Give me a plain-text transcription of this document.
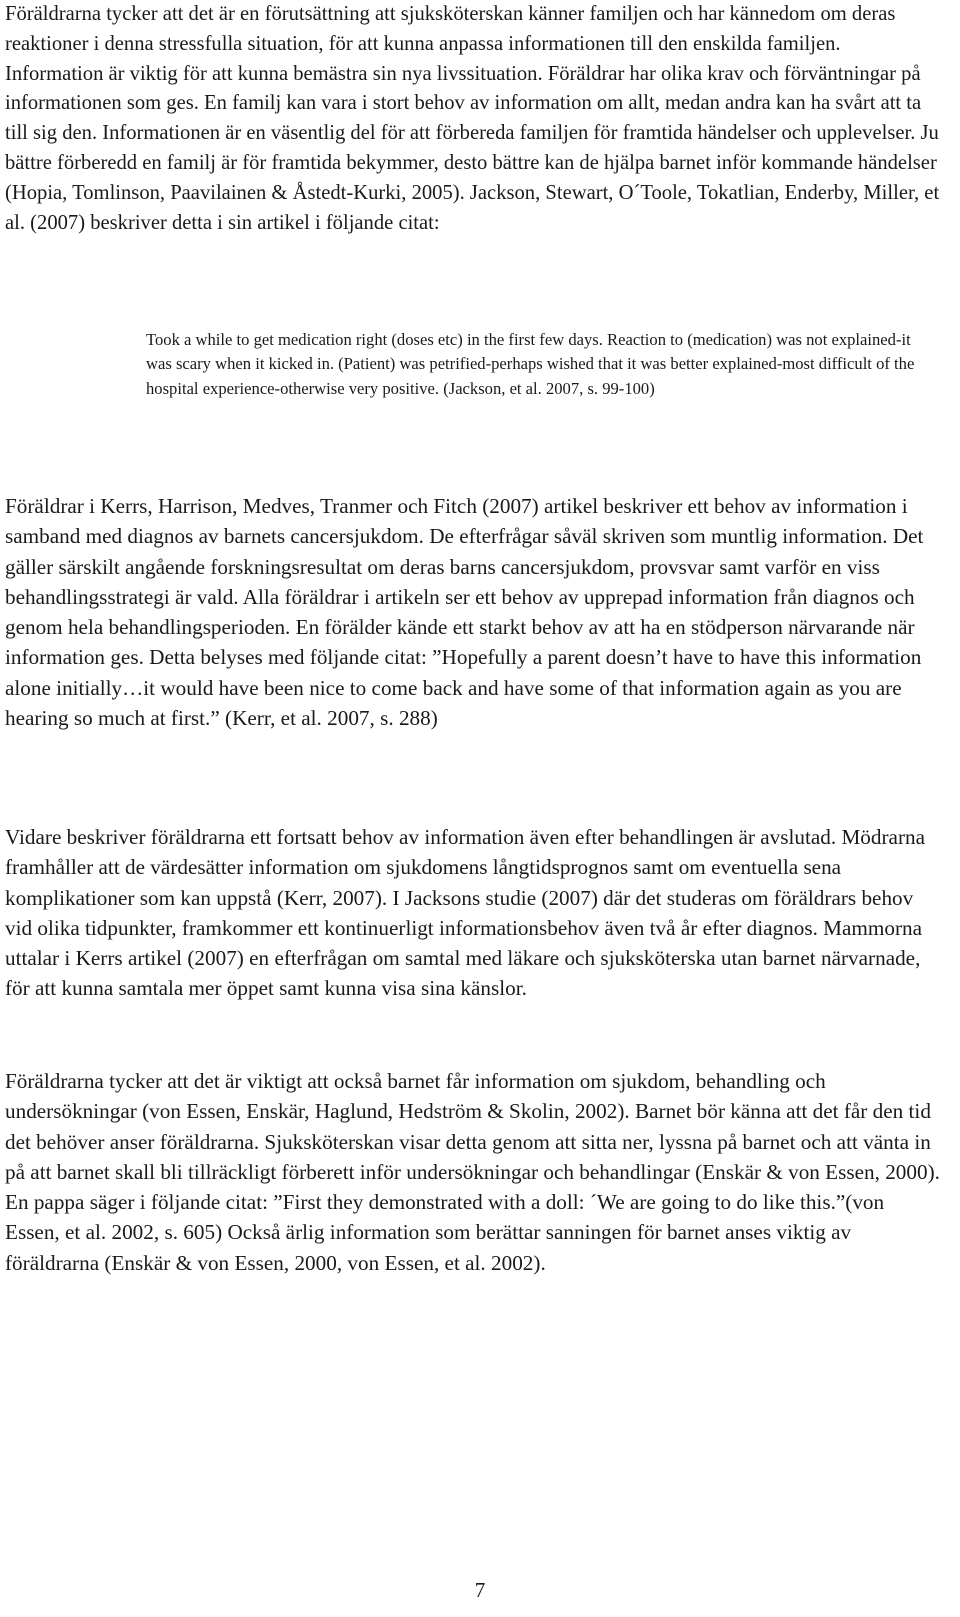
Föräldrarna tycker att det är en förutsättning att sjuksköterskan känner familjen och har kännedom om deras reaktioner i denna stressfulla situation, för att kunna anpassa informationen till den enskilda familjen. Information är viktig för att kunna bemästra sin nya livssituation. Föräldrar har olika krav och förväntningar på informationen som ges. En familj kan vara i stort behov av information om allt, medan andra kan ha svårt att ta till sig den. Informationen är en väsentlig del för att förbereda familjen för framtida händelser och upplevelser. Ju bättre förberedd en familj är för framtida bekymmer, desto bättre kan de hjälpa barnet inför kommande händelser (Hopia, Tomlinson, Paavilainen & Åstedt-Kurki, 2005). Jackson, Stewart, O´Toole, Tokatlian, Enderby, Miller, et al. (2007) beskriver detta i sin artikel i följande citat:

Took a while to get medication right (doses etc) in the first few days. Reaction to (medication) was not explained-it was scary when it kicked in. (Patient) was petrified-perhaps wished that it was better explained-most difficult of the hospital experience-otherwise very positive. (Jackson, et al. 2007, s. 99-100)

Föräldrar i Kerrs, Harrison, Medves, Tranmer och Fitch (2007) artikel beskriver ett behov av information i samband med diagnos av barnets cancersjukdom. De efterfrågar såväl skriven som muntlig information. Det gäller särskilt angående forskningsresultat om deras barns cancersjukdom, provsvar samt varför en viss behandlingsstrategi är vald. Alla föräldrar i artikeln ser ett behov av upprepad information från diagnos och genom hela behandlingsperioden. En förälder kände ett starkt behov av att ha en stödperson närvarande när information ges. Detta belyses med följande citat: ”Hopefully a parent doesn’t have to have this information alone initially…it would have been nice to come back and have some of that information again as you are hearing so much at first.” (Kerr, et al. 2007, s. 288)

Vidare beskriver föräldrarna ett fortsatt behov av information även efter behandlingen är avslutad. Mödrarna framhåller att de värdesätter information om sjukdomens långtidsprognos samt om eventuella sena komplikationer som kan uppstå (Kerr, 2007). I Jacksons studie (2007) där det studeras om föräldrars behov vid olika tidpunkter, framkommer ett kontinuerligt informationsbehov även två år efter diagnos. Mammorna uttalar i Kerrs artikel (2007) en efterfrågan om samtal med läkare och sjuksköterska utan barnet närvarnade, för att kunna samtala mer öppet samt kunna visa sina känslor.

Föräldrarna tycker att det är viktigt att också barnet får information om sjukdom, behandling och undersökningar (von Essen, Enskär, Haglund, Hedström & Skolin, 2002). Barnet bör känna att det får den tid det behöver anser föräldrarna. Sjuksköterskan visar detta genom att sitta ner, lyssna på barnet och att vänta in på att barnet skall bli tillräckligt förberett inför undersökningar och behandlingar (Enskär & von Essen, 2000). En pappa säger i följande citat: ”First they demonstrated with a doll: ´We are going to do like this.”(von Essen, et al. 2002, s. 605) Också ärlig information som berättar sanningen för barnet anses viktig av föräldrarna (Enskär & von Essen, 2000, von Essen, et al. 2002).

7
